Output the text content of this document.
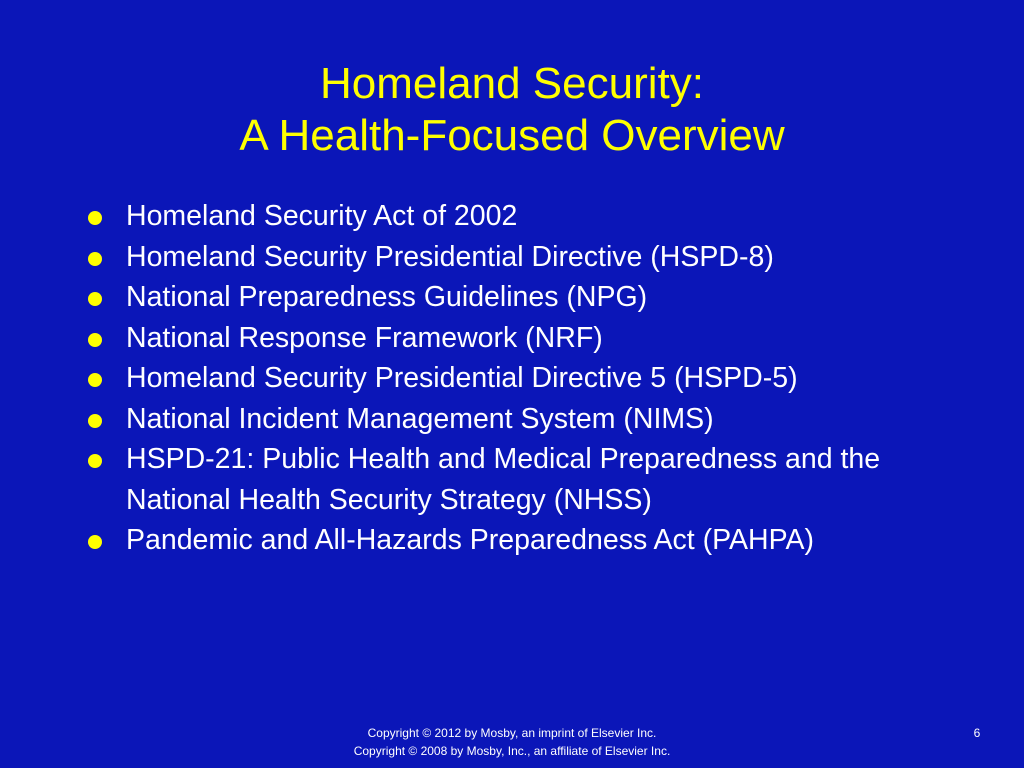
Homeland Security:
A Health-Focused Overview
Homeland Security Act of 2002
Homeland Security Presidential Directive (HSPD-8)
National Preparedness Guidelines (NPG)
National Response Framework (NRF)
Homeland Security Presidential Directive 5 (HSPD-5)
National Incident Management System (NIMS)
HSPD-21: Public Health and Medical Preparedness and the National Health Security Strategy (NHSS)
Pandemic and All-Hazards Preparedness Act (PAHPA)
Copyright © 2012 by Mosby, an imprint of Elsevier Inc.
Copyright © 2008 by Mosby, Inc., an affiliate of Elsevier Inc.
6
